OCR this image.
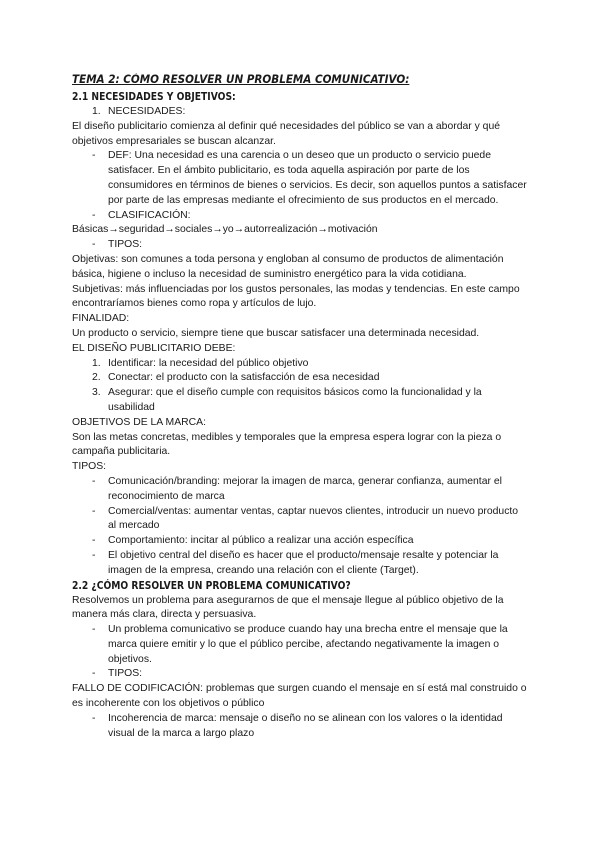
TEMA 2: CÓMO RESOLVER UN PROBLEMA COMUNICATIVO:

2.1 NECESIDADES Y OBJETIVOS:

1. NECESIDADES:

El diseño publicitario comienza al definir qué necesidades del público se van a abordar y qué objetivos empresariales se buscan alcanzar.

- DEF: Una necesidad es una carencia o un deseo que un producto o servicio puede satisfacer. En el ámbito publicitario, es toda aquella aspiración por parte de los consumidores en términos de bienes o servicios. Es decir, son aquellos puntos a satisfacer por parte de las empresas mediante el ofrecimiento de sus productos en el mercado.
- CLASIFICACIÓN:

Básicas→seguridad→sociales→yo→autorrealización→motivación

- TIPOS:

Objetivas: son comunes a toda persona y engloban al consumo de productos de alimentación básica, higiene o incluso la necesidad de suministro energético para la vida cotidiana.

Subjetivas: más influenciadas por los gustos personales, las modas y tendencias. En este campo encontraríamos bienes como ropa y artículos de lujo.

FINALIDAD:

Un producto o servicio, siempre tiene que buscar satisfacer una determinada necesidad.

EL DISEÑO PUBLICITARIO DEBE:

1. Identificar: la necesidad del público objetivo
2. Conectar: el producto con la satisfacción de esa necesidad
3. Asegurar: que el diseño cumple con requisitos básicos como la funcionalidad y la usabilidad

OBJETIVOS DE LA MARCA:

Son las metas concretas, medibles y temporales que la empresa espera lograr con la pieza o campaña publicitaria.

TIPOS:

- Comunicación/branding: mejorar la imagen de marca, generar confianza, aumentar el reconocimiento de marca
- Comercial/ventas: aumentar ventas, captar nuevos clientes, introducir un nuevo producto al mercado
- Comportamiento: incitar al público a realizar una acción específica
- El objetivo central del diseño es hacer que el producto/mensaje resalte y potenciar la imagen de la empresa, creando una relación con el cliente (Target).

2.2 ¿CÓMO RESOLVER UN PROBLEMA COMUNICATIVO?

Resolvemos un problema para asegurarnos de que el mensaje llegue al público objetivo de la manera más clara, directa y persuasiva.

- Un problema comunicativo se produce cuando hay una brecha entre el mensaje que la marca quiere emitir y lo que el público percibe, afectando negativamente la imagen o objetivos.
- TIPOS:

FALLO DE CODIFICACIÓN: problemas que surgen cuando el mensaje en sí está mal construido o es incoherente con los objetivos o público

- Incoherencia de marca: mensaje o diseño no se alinean con los valores o la identidad visual de la marca a largo plazo
